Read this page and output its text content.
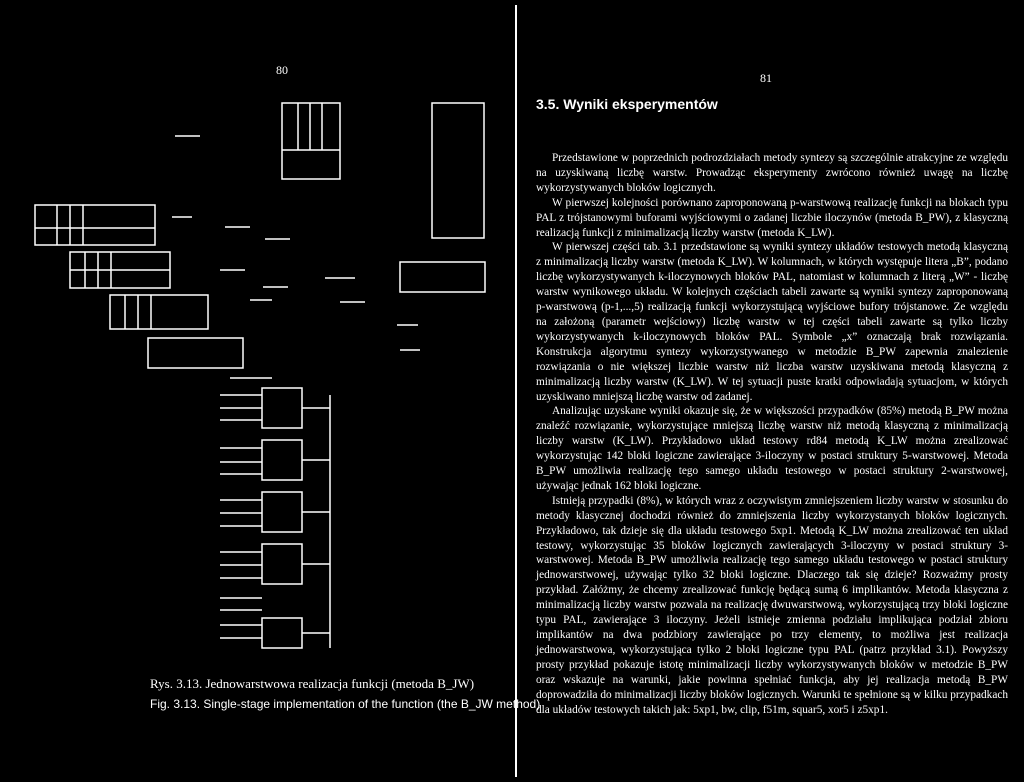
80
81
Rys. 3.13. Jednowarstwowa realizacja funkcji (metoda B_JW)
Fig. 3.13. Single-stage implementation of the function (the B_JW method)
3.5. Wyniki eksperymentów

Przedstawione w poprzednich podrozdziałach metody syntezy są szczególnie atrakcyjne ze względu na uzyskiwaną liczbę warstw. Prowadząc eksperymenty zwrócono również uwagę na liczbę wykorzystywanych bloków logicznych.

W pierwszej kolejności porównano zaproponowaną p-warstwową realizację funkcji na blokach typu PAL z trójstanowymi buforami wyjściowymi o zadanej liczbie iloczynów (metoda B_PW), z klasyczną realizacją funkcji z minimalizacją liczby warstw (metoda K_LW).

W pierwszej części tab. 3.1 przedstawione są wyniki syntezy układów testowych metodą klasyczną z minimalizacją liczby warstw (metoda K_LW). W kolumnach, w których występuje litera „B”, podano liczbę wykorzystywanych k-iloczynowych bloków PAL, natomiast w kolumnach z literą „W” - liczbę warstw wynikowego układu. W kolejnych częściach tabeli zawarte są wyniki syntezy zaproponowaną p-warstwową (p-1,...,5) realizacją funkcji wykorzystującą wyjściowe bufory trójstanowe. Ze względu na założoną (parametr wejściowy) liczbę warstw w tej części tabeli zawarte są tylko liczby wykorzystywanych k-iloczynowych bloków PAL. Symbole „x” oznaczają brak rozwiązania. Konstrukcja algorytmu syntezy wykorzystywanego w metodzie B_PW zapewnia znalezienie rozwiązania o nie większej liczbie warstw niż liczba warstw uzyskiwana metodą klasyczną z minimalizacją liczby warstw (K_LW). W tej sytuacji puste kratki odpowiadają sytuacjom, w których uzyskiwano mniejszą liczbę warstw od zadanej.

Analizując uzyskane wyniki okazuje się, że w większości przypadków (85%) metodą B_PW można znaleźć rozwiązanie, wykorzystujące mniejszą liczbę warstw niż metodą klasyczną z minimalizacją liczby warstw (K_LW). Przykładowo układ testowy rd84 metodą K_LW można zrealizować wykorzystując 142 bloki logiczne zawierające 3-iloczyny w postaci struktury 5-warstwowej. Metoda B_PW umożliwia realizację tego samego układu testowego w postaci struktury 2-warstwowej, używając jednak 162 bloki logiczne.

Istnieją przypadki (8%), w których wraz z oczywistym zmniejszeniem liczby warstw w stosunku do metody klasycznej dochodzi również do zmniejszenia liczby wykorzystanych bloków logicznych. Przykładowo, tak dzieje się dla układu testowego 5xp1. Metodą K_LW można zrealizować ten układ testowy, wykorzystując 35 bloków logicznych zawierających 3-iloczyny w postaci struktury 3-warstwowej. Metoda B_PW umożliwia realizację tego samego układu testowego w postaci struktury jednowarstwowej, używając tylko 32 bloki logiczne. Dlaczego tak się dzieje? Rozważmy prosty przykład. Załóżmy, że chcemy zrealizować funkcję będącą sumą 6 implikantów. Metoda klasyczna z minimalizacją liczby warstw pozwala na realizację dwuwarstwową, wykorzystującą trzy bloki logiczne typu PAL, zawierające 3 iloczyny. Jeżeli istnieje zmienna podziału implikująca podział zbioru implikantów na dwa podzbiory zawierające po trzy elementy, to możliwa jest realizacja jednowarstwowa, wykorzystująca tylko 2 bloki logiczne typu PAL (patrz przykład 3.1). Powyższy prosty przykład pokazuje istotę minimalizacji liczby wykorzystywanych bloków w metodzie B_PW oraz wskazuje na warunki, jakie powinna spełniać funkcja, aby jej realizacja metodą B_PW doprowadziła do minimalizacji liczby bloków logicznych. Warunki te spełnione są w kilku przypadkach dla układów testowych takich jak: 5xp1, bw, clip, f51m, squar5, xor5 i z5xp1.
